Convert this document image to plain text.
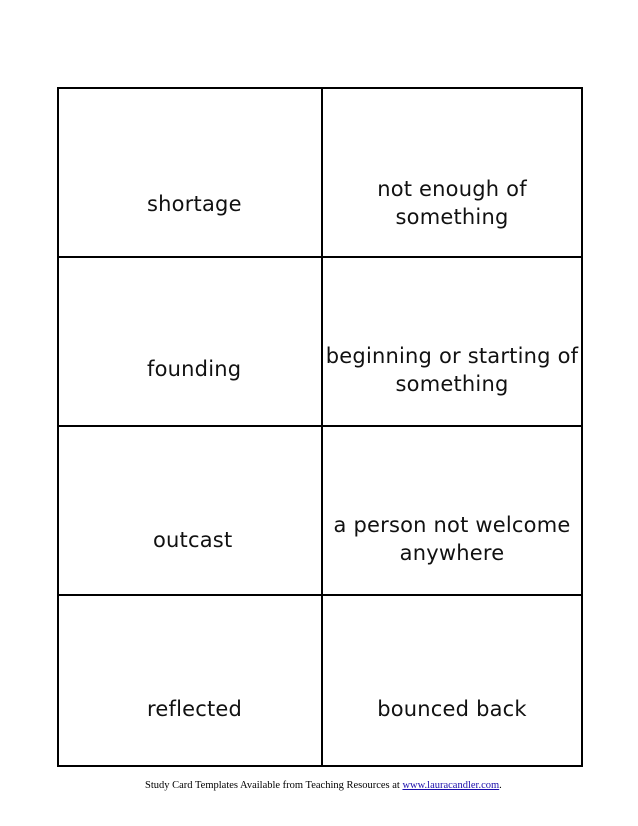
shortage
not enough of
something
founding
beginning or starting of
something
outcast
a person not welcome
anywhere
reflected	bounced back
Study Card Templates Available from Teaching Resources at www.lauracandler.com.
